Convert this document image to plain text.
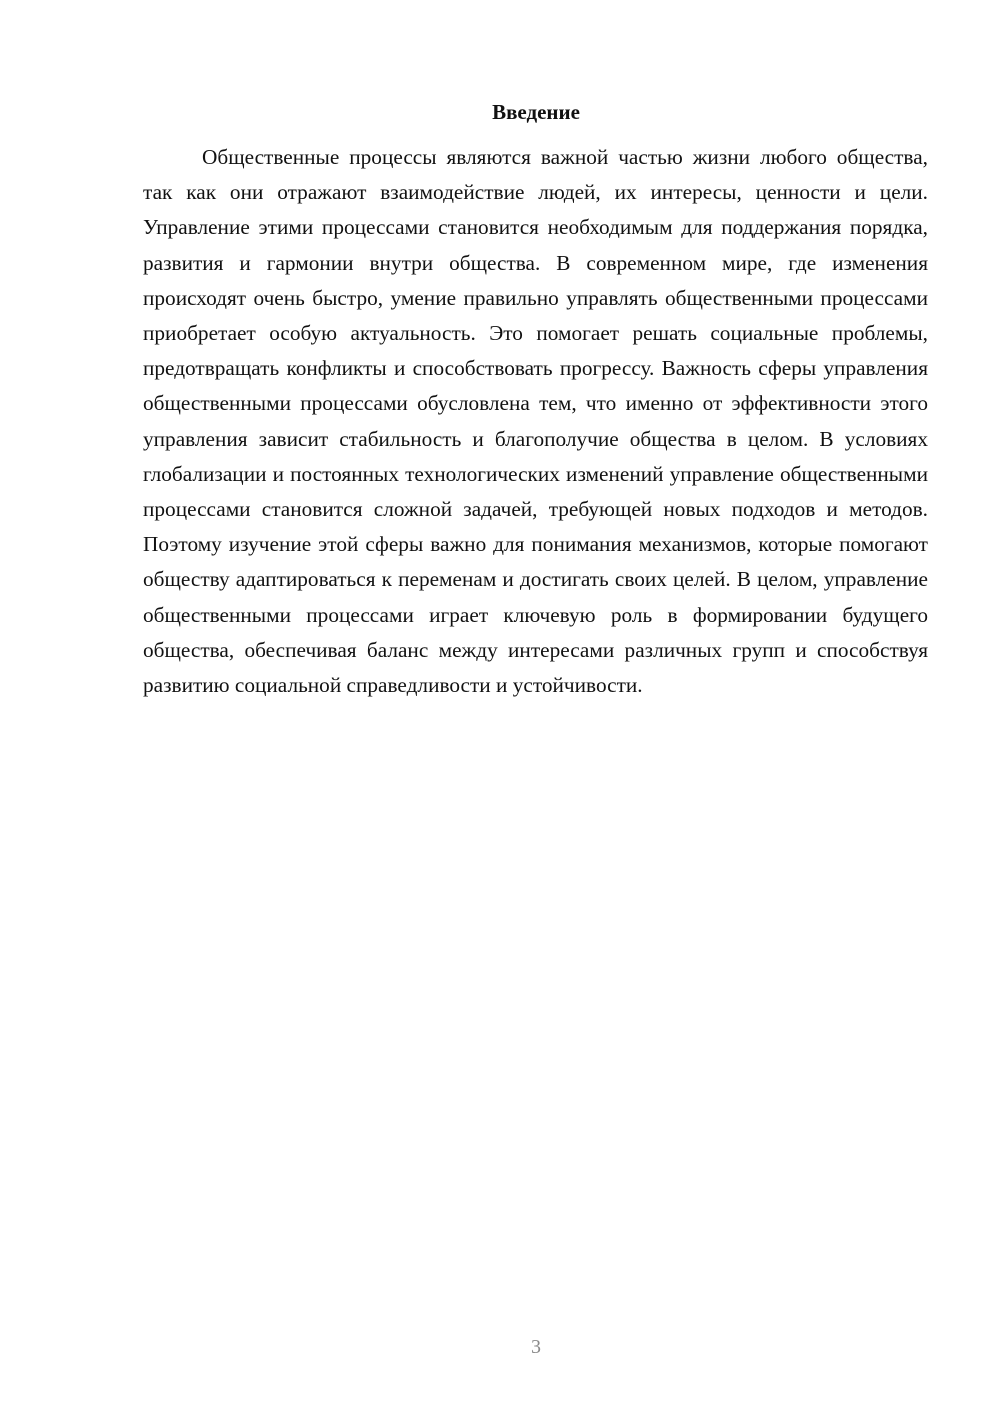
Введение

Общественные процессы являются важной частью жизни любого общества, так как они отражают взаимодействие людей, их интересы, ценности и цели. Управление этими процессами становится необходимым для поддержания порядка, развития и гармонии внутри общества. В современном мире, где изменения происходят очень быстро, умение правильно управлять общественными процессами приобретает особую актуальность. Это помогает решать социальные проблемы, предотвращать конфликты и способствовать прогрессу. Важность сферы управления общественными процессами обусловлена тем, что именно от эффективности этого управления зависит стабильность и благополучие общества в целом. В условиях глобализации и постоянных технологических изменений управление общественными процессами становится сложной задачей, требующей новых подходов и методов. Поэтому изучение этой сферы важно для понимания механизмов, которые помогают обществу адаптироваться к переменам и достигать своих целей. В целом, управление общественными процессами играет ключевую роль в формировании будущего общества, обеспечивая баланс между интересами различных групп и способствуя развитию социальной справедливости и устойчивости.

3
